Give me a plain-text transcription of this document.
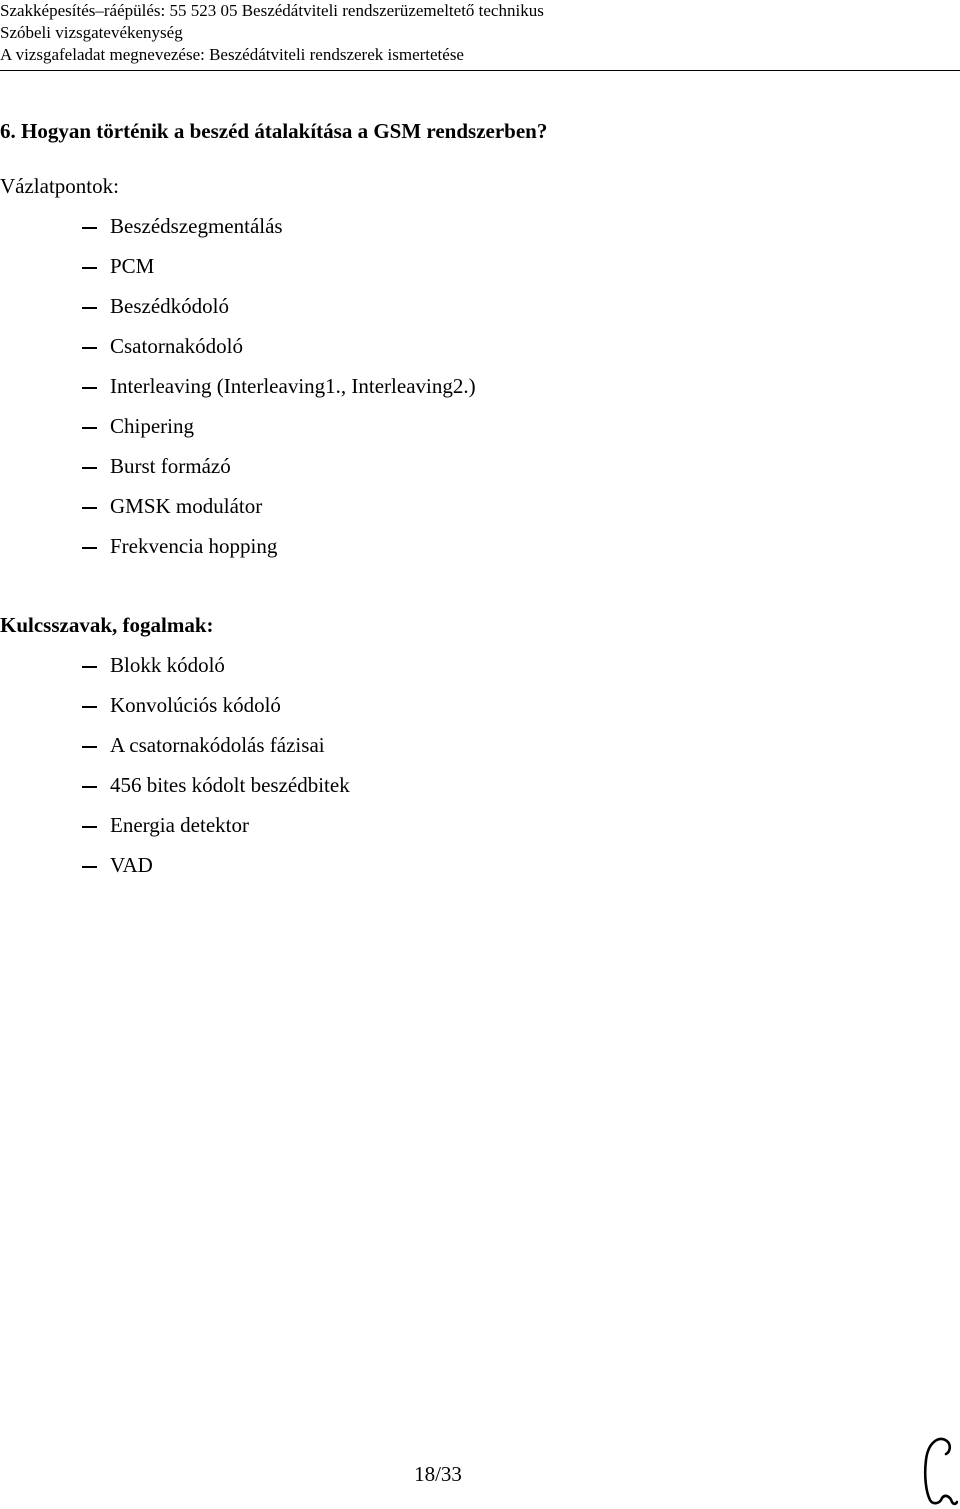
Szakképesítés–ráépülés: 55 523 05 Beszédátviteli rendszerüzemeltető technikus
Szóbeli vizsgatevékenység
A vizsgafeladat megnevezése: Beszédátviteli rendszerek ismertetése
6. Hogyan történik a beszéd átalakítása a GSM rendszerben?
Vázlatpontok:
Beszédszegmentálás
PCM
Beszédkódoló
Csatornakódoló
Interleaving (Interleaving1., Interleaving2.)
Chipering
Burst formázó
GMSK modulátor
Frekvencia hopping
Kulcsszavak, fogalmak:
Blokk kódoló
Konvolúciós kódoló
A csatornakódolás fázisai
456 bites kódolt beszédbitek
Energia detektor
VAD
18/33
